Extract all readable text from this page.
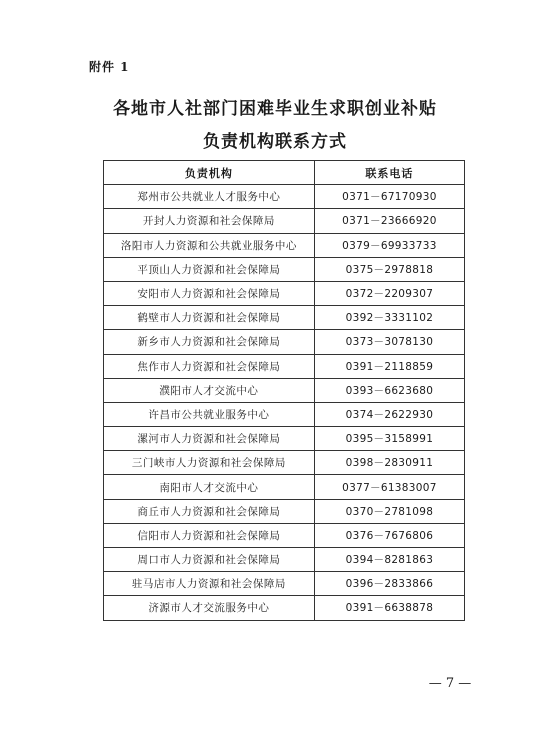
附件 1
各地市人社部门困难毕业生求职创业补贴
负责机构联系方式
负责机构	联系电话
郑州市公共就业人才服务中心	0371－67170930
开封人力资源和社会保障局	0371－23666920
洛阳市人力资源和公共就业服务中心	0379－69933733
平顶山人力资源和社会保障局	0375－2978818
安阳市人力资源和社会保障局	0372－2209307
鹤壁市人力资源和社会保障局	0392－3331102
新乡市人力资源和社会保障局	0373－3078130
焦作市人力资源和社会保障局	0391－2118859
濮阳市人才交流中心	0393－6623680
许昌市公共就业服务中心	0374－2622930
漯河市人力资源和社会保障局	0395－3158991
三门峡市人力资源和社会保障局	0398－2830911
南阳市人才交流中心	0377－61383007
商丘市人力资源和社会保障局	0370－2781098
信阳市人力资源和社会保障局	0376－7676806
周口市人力资源和社会保障局	0394－8281863
驻马店市人力资源和社会保障局	0396－2833866
济源市人才交流服务中心	0391－6638878
— 7 —
